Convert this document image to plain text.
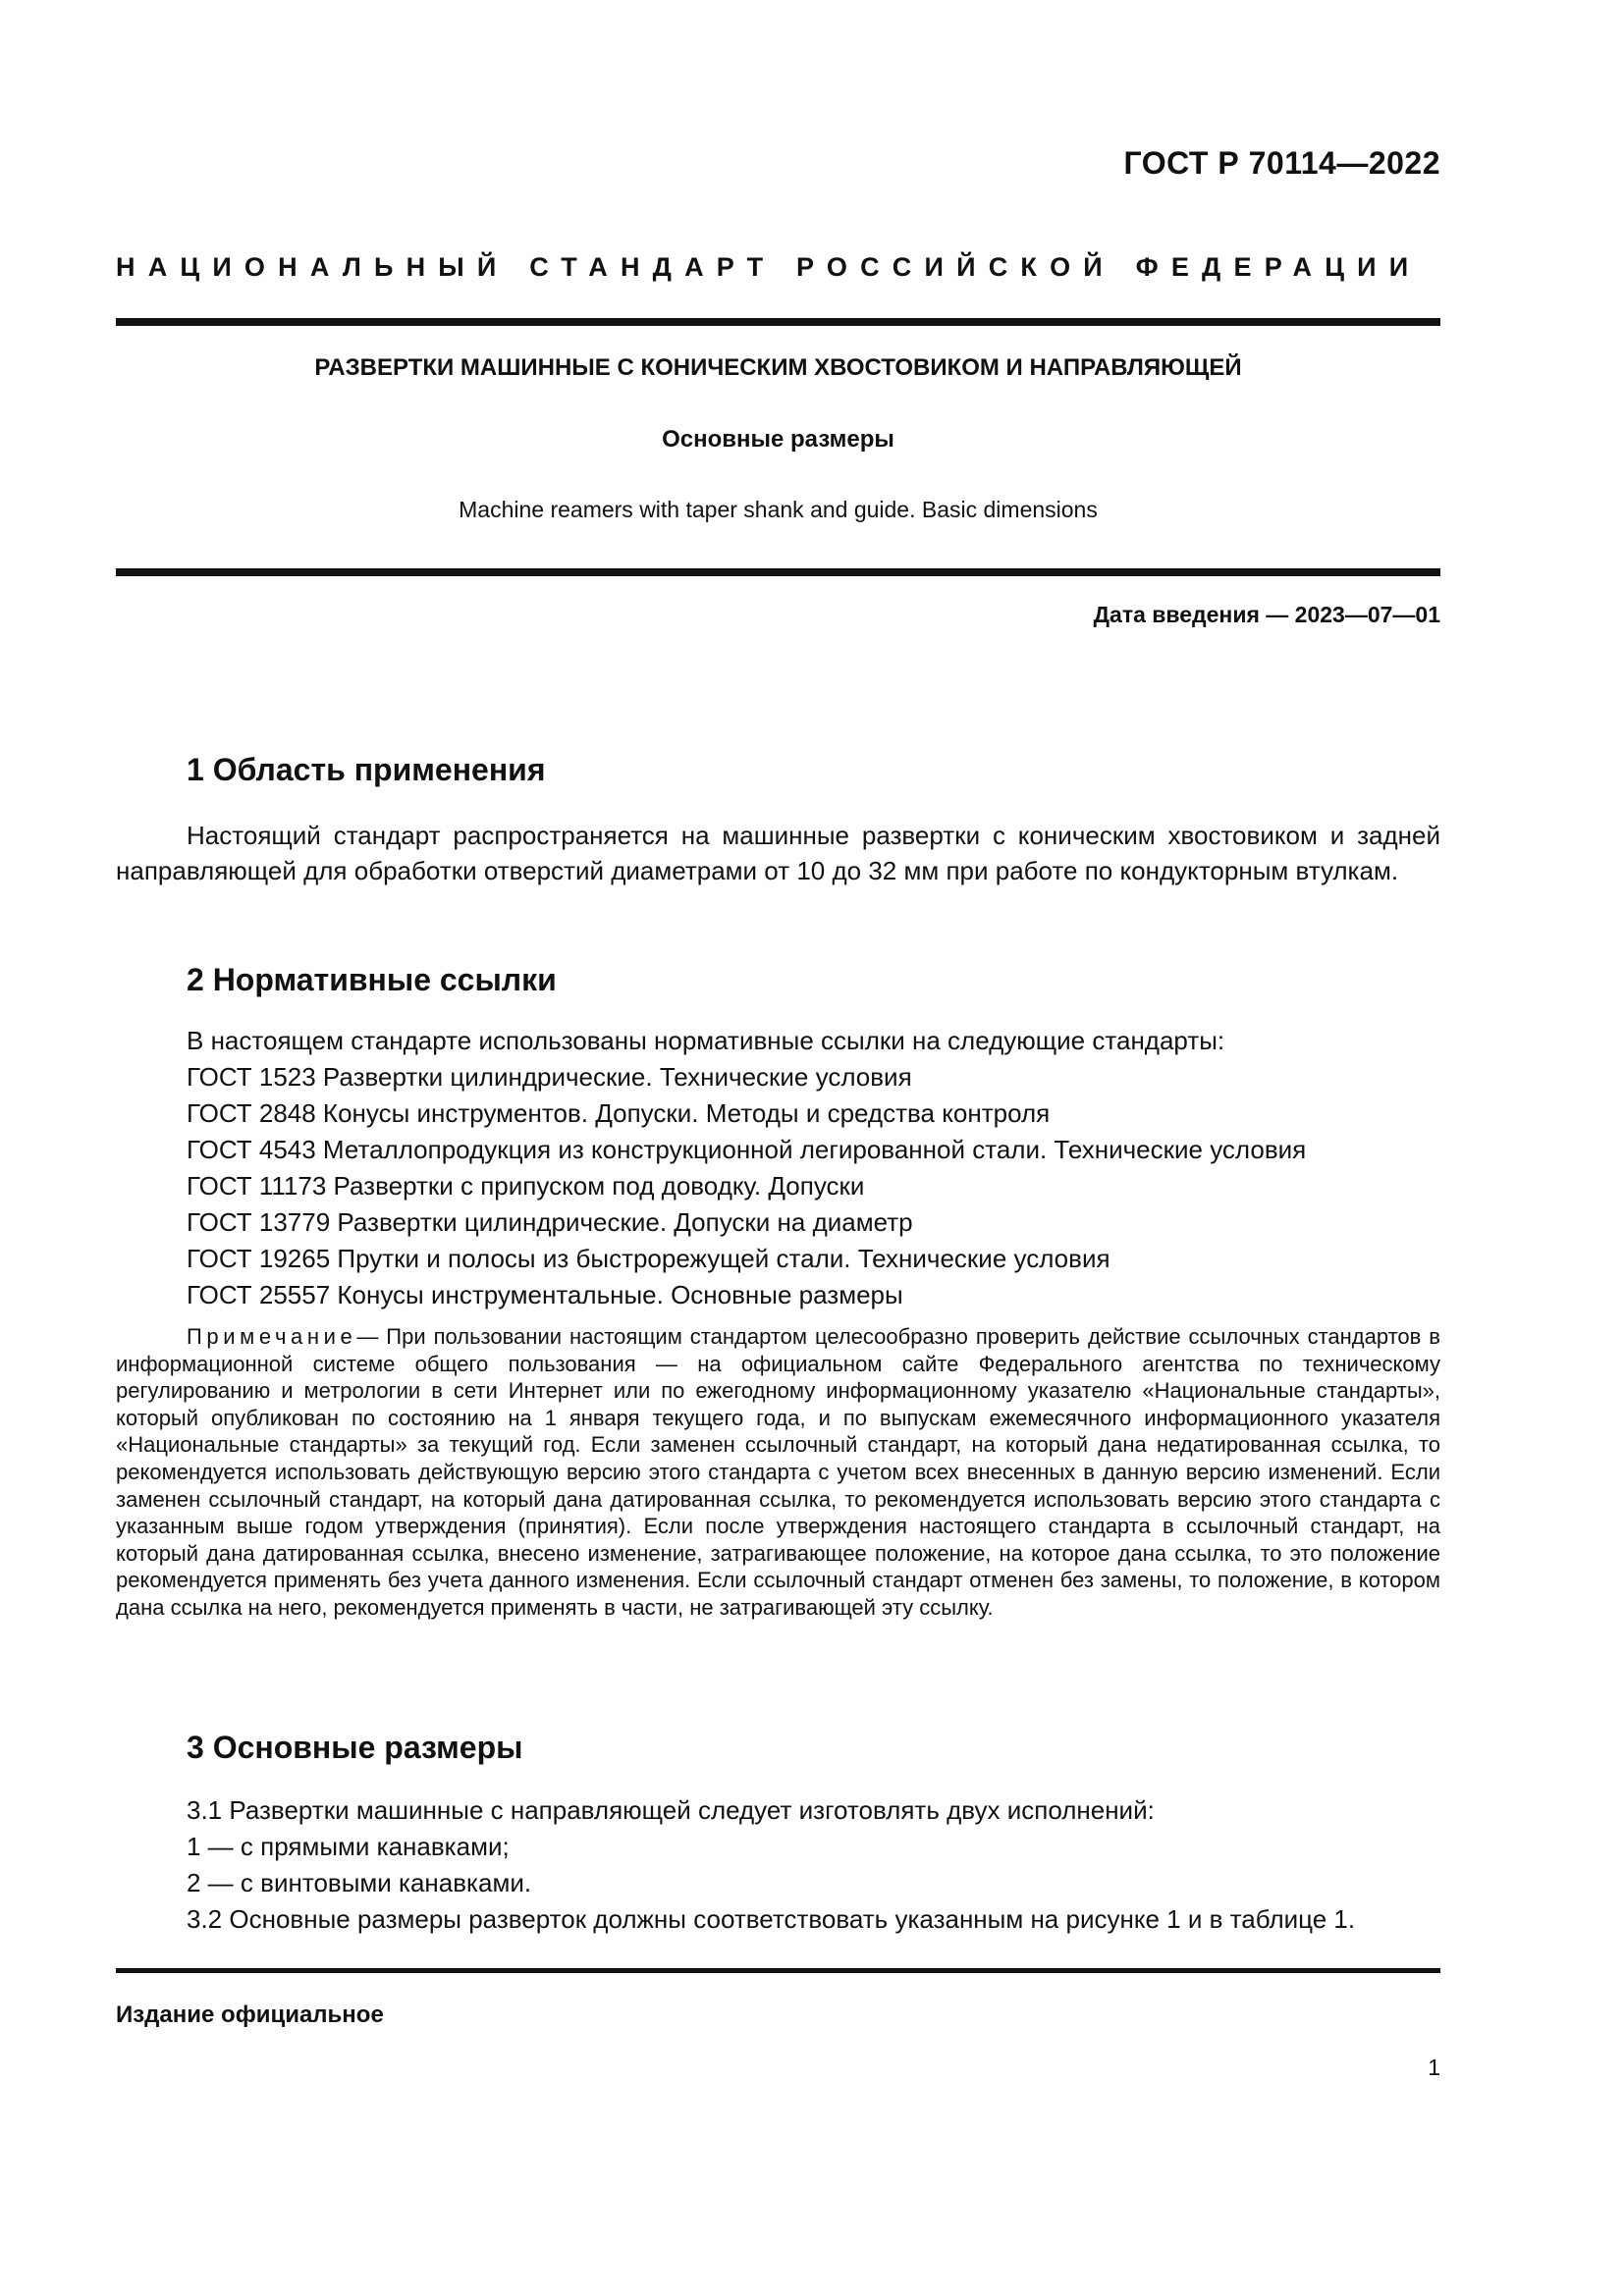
ГОСТ Р 70114—2022
НАЦИОНАЛЬНЫЙ СТАНДАРТ РОССИЙСКОЙ ФЕДЕРАЦИИ
РАЗВЕРТКИ МАШИННЫЕ С КОНИЧЕСКИМ ХВОСТОВИКОМ И НАПРАВЛЯЮЩЕЙ
Основные размеры
Machine reamers with taper shank and guide. Basic dimensions
Дата введения — 2023—07—01
1 Область применения
Настоящий стандарт распространяется на машинные развертки с коническим хвостовиком и задней направляющей для обработки отверстий диаметрами от 10 до 32 мм при работе по кондукторным втулкам.
2 Нормативные ссылки
В настоящем стандарте использованы нормативные ссылки на следующие стандарты:
ГОСТ 1523 Развертки цилиндрические. Технические условия
ГОСТ 2848 Конусы инструментов. Допуски. Методы и средства контроля
ГОСТ 4543 Металлопродукция из конструкционной легированной стали. Технические условия
ГОСТ 11173 Развертки с припуском под доводку. Допуски
ГОСТ 13779 Развертки цилиндрические. Допуски на диаметр
ГОСТ 19265 Прутки и полосы из быстрорежущей стали. Технические условия
ГОСТ 25557 Конусы инструментальные. Основные размеры
Примечание— При пользовании настоящим стандартом целесообразно проверить действие ссылочных стандартов в информационной системе общего пользования — на официальном сайте Федерального агентства по техническому регулированию и метрологии в сети Интернет или по ежегодному информационному указателю «Национальные стандарты», который опубликован по состоянию на 1 января текущего года, и по выпускам ежемесячного информационного указателя «Национальные стандарты» за текущий год. Если заменен ссылочный стандарт, на который дана недатированная ссылка, то рекомендуется использовать действующую версию этого стандарта с учетом всех внесенных в данную версию изменений. Если заменен ссылочный стандарт, на который дана датированная ссылка, то рекомендуется использовать версию этого стандарта с указанным выше годом утверждения (принятия). Если после утверждения настоящего стандарта в ссылочный стандарт, на который дана датированная ссылка, внесено изменение, затрагивающее положение, на которое дана ссылка, то это положение рекомендуется применять без учета данного изменения. Если ссылочный стандарт отменен без замены, то положение, в котором дана ссылка на него, рекомендуется применять в части, не затрагивающей эту ссылку.
3 Основные размеры
3.1 Развертки машинные с направляющей следует изготовлять двух исполнений:
1 — с прямыми канавками;
2 — с винтовыми канавками.
3.2 Основные размеры разверток должны соответствовать указанным на рисунке 1 и в таблице 1.
Издание официальное
1
